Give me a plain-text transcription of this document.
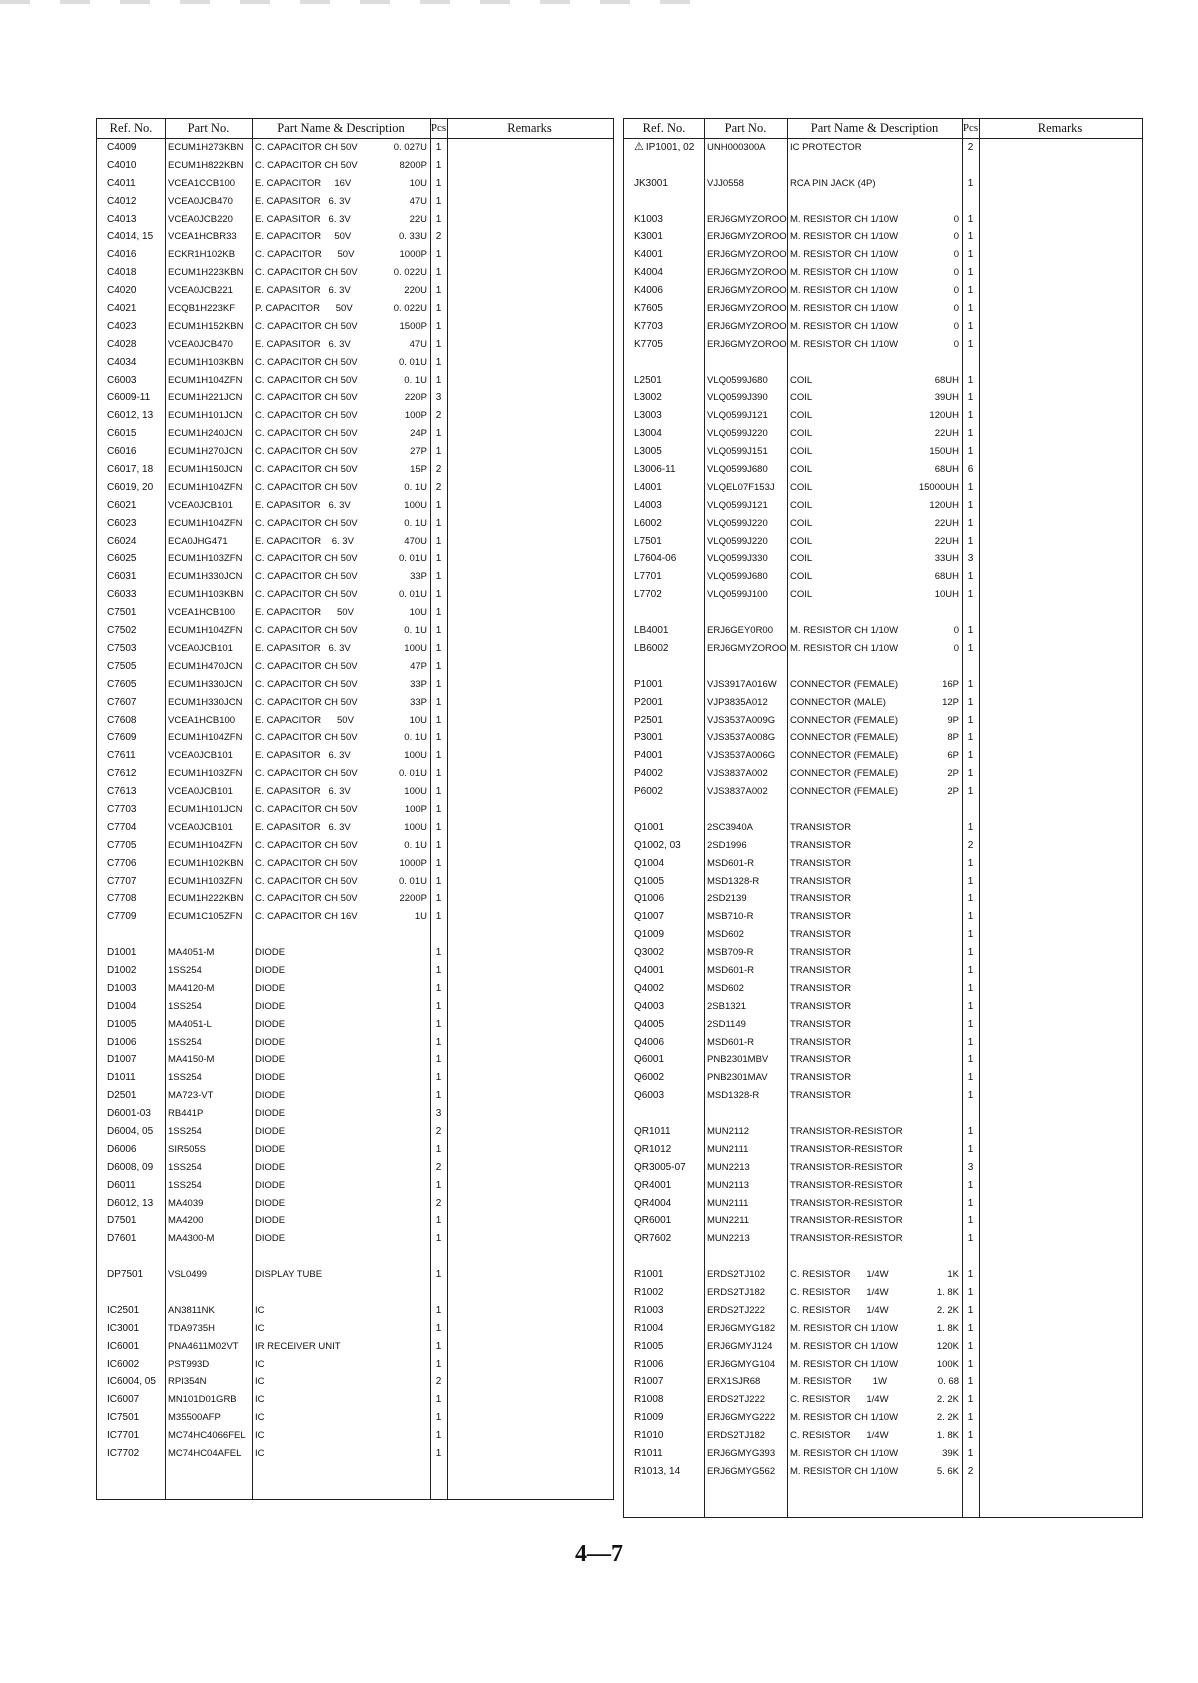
Ref. No.	Part No.	Part Name & Description	Pcs	Remarks
C4009	ECUM1H273KBN	C. CAPACITOR CH 50V	0. 027U 1
C4010	ECUM1H822KBN	C. CAPACITOR CH 50V	8200P 1
C4011	VCEA1CCB100	E. CAPACITOR     16V	10U 1
C4012	VCEA0JCB470	E. CAPASITOR   6. 3V	47U 1
C4013	VCEA0JCB220	E. CAPASITOR   6. 3V	22U 1
C4014, 15	VCEA1HCBR33	E. CAPACITOR     50V	0. 33U 2
C4016	ECKR1H102KB	C. CAPACITOR      50V	1000P 1
C4018	ECUM1H223KBN	C. CAPACITOR CH 50V	0. 022U 1
C4020	VCEA0JCB221	E. CAPASITOR   6. 3V	220U 1
C4021	ECQB1H223KF	P. CAPACITOR      50V	0. 022U 1
C4023	ECUM1H152KBN	C. CAPACITOR CH 50V	1500P 1
C4028	VCEA0JCB470	E. CAPASITOR   6. 3V	47U 1
C4034	ECUM1H103KBN	C. CAPACITOR CH 50V	0. 01U 1
C6003	ECUM1H104ZFN	C. CAPACITOR CH 50V	0. 1U 1
C6009-11	ECUM1H221JCN	C. CAPACITOR CH 50V	220P 3
C6012, 13	ECUM1H101JCN	C. CAPACITOR CH 50V	100P 2
C6015	ECUM1H240JCN	C. CAPACITOR CH 50V	24P 1
C6016	ECUM1H270JCN	C. CAPACITOR CH 50V	27P 1
C6017, 18	ECUM1H150JCN	C. CAPACITOR CH 50V	15P 2
C6019, 20	ECUM1H104ZFN	C. CAPACITOR CH 50V	0. 1U 2
C6021	VCEA0JCB101	E. CAPASITOR   6. 3V	100U 1
C6023	ECUM1H104ZFN	C. CAPACITOR CH 50V	0. 1U 1
C6024	ECA0JHG471	E. CAPACITOR    6. 3V	470U 1
C6025	ECUM1H103ZFN	C. CAPACITOR CH 50V	0. 01U 1
C6031	ECUM1H330JCN	C. CAPACITOR CH 50V	33P 1
C6033	ECUM1H103KBN	C. CAPACITOR CH 50V	0. 01U 1
C7501	VCEA1HCB100	E. CAPACITOR      50V	10U 1
C7502	ECUM1H104ZFN	C. CAPACITOR CH 50V	0. 1U 1
C7503	VCEA0JCB101	E. CAPASITOR   6. 3V	100U 1
C7505	ECUM1H470JCN	C. CAPACITOR CH 50V	47P 1
C7605	ECUM1H330JCN	C. CAPACITOR CH 50V	33P 1
C7607	ECUM1H330JCN	C. CAPACITOR CH 50V	33P 1
C7608	VCEA1HCB100	E. CAPACITOR      50V	10U 1
C7609	ECUM1H104ZFN	C. CAPACITOR CH 50V	0. 1U 1
C7611	VCEA0JCB101	E. CAPASITOR   6. 3V	100U 1
C7612	ECUM1H103ZFN	C. CAPACITOR CH 50V	0. 01U 1
C7613	VCEA0JCB101	E. CAPASITOR   6. 3V	100U 1
C7703	ECUM1H101JCN	C. CAPACITOR CH 50V	100P 1
C7704	VCEA0JCB101	E. CAPASITOR   6. 3V	100U 1
C7705	ECUM1H104ZFN	C. CAPACITOR CH 50V	0. 1U 1
C7706	ECUM1H102KBN	C. CAPACITOR CH 50V	1000P 1
C7707	ECUM1H103ZFN	C. CAPACITOR CH 50V	0. 01U 1
C7708	ECUM1H222KBN	C. CAPACITOR CH 50V	2200P 1
C7709	ECUM1C105ZFN	C. CAPACITOR CH 16V	1U 1
D1001	MA4051-M	DIODE	1
D1002	1SS254	DIODE	1
D1003	MA4120-M	DIODE	1
D1004	1SS254	DIODE	1
D1005	MA4051-L	DIODE	1
D1006	1SS254	DIODE	1
D1007	MA4150-M	DIODE	1
D1011	1SS254	DIODE	1
D2501	MA723-VT	DIODE	1
D6001-03	RB441P	DIODE	3
D6004, 05	1SS254	DIODE	2
D6006	SIR505S	DIODE	1
D6008, 09	1SS254	DIODE	2
D6011	1SS254	DIODE	1
D6012, 13	MA4039	DIODE	2
D7501	MA4200	DIODE	1
D7601	MA4300-M	DIODE	1
DP7501	VSL0499	DISPLAY TUBE	1
IC2501	AN3811NK	IC	1
IC3001	TDA9735H	IC	1
IC6001	PNA4611M02VT	IR RECEIVER UNIT	1
IC6002	PST993D	IC	1
IC6004, 05	RPI354N	IC	2
IC6007	MN101D01GRB	IC	1
IC7501	M35500AFP	IC	1
IC7701	MC74HC4066FEL IC	1
IC7702	MC74HC04AFEL	IC	1
Ref. No.	Part No.	Part Name & Description	Pcs	Remarks
⚠ IP1001, 02	UNH000300A	IC PROTECTOR	2
JK3001	VJJ0558	RCA PIN JACK (4P)	1
K1003	ERJ6GMYZOROO M. RESISTOR CH 1/10W	0 1
K3001	ERJ6GMYZOROO M. RESISTOR CH 1/10W	0 1
K4001	ERJ6GMYZOROO M. RESISTOR CH 1/10W	0 1
K4004	ERJ6GMYZOROO M. RESISTOR CH 1/10W	0 1
K4006	ERJ6GMYZOROO M. RESISTOR CH 1/10W	0 1
K7605	ERJ6GMYZOROO M. RESISTOR CH 1/10W	0 1
K7703	ERJ6GMYZOROO M. RESISTOR CH 1/10W	0 1
K7705	ERJ6GMYZOROO M. RESISTOR CH 1/10W	0 1
L2501	VLQ0599J680	COIL	68UH 1
L3002	VLQ0599J390	COIL	39UH 1
L3003	VLQ0599J121	COIL	120UH 1
L3004	VLQ0599J220	COIL	22UH 1
L3005	VLQ0599J151	COIL	150UH 1
L3006-11	VLQ0599J680	COIL	68UH 6
L4001	VLQEL07F153J	COIL	15000UH 1
L4003	VLQ0599J121	COIL	120UH 1
L6002	VLQ0599J220	COIL	22UH 1
L7501	VLQ0599J220	COIL	22UH 1
L7604-06	VLQ0599J330	COIL	33UH 3
L7701	VLQ0599J680	COIL	68UH 1
L7702	VLQ0599J100	COIL	10UH 1
LB4001	ERJ6GEY0R00	M. RESISTOR CH 1/10W	0 1
LB6002	ERJ6GMYZOROO M. RESISTOR CH 1/10W	0 1
P1001	VJS3917A016W	CONNECTOR (FEMALE)	16P 1
P2001	VJP3835A012	CONNECTOR (MALE)	12P 1
P2501	VJS3537A009G	CONNECTOR (FEMALE)	9P 1
P3001	VJS3537A008G	CONNECTOR (FEMALE)	8P 1
P4001	VJS3537A006G	CONNECTOR (FEMALE)	6P 1
P4002	VJS3837A002	CONNECTOR (FEMALE)	2P 1
P6002	VJS3837A002	CONNECTOR (FEMALE)	2P 1
Q1001	2SC3940A	TRANSISTOR	1
Q1002, 03	2SD1996	TRANSISTOR	2
Q1004	MSD601-R	TRANSISTOR	1
Q1005	MSD1328-R	TRANSISTOR	1
Q1006	2SD2139	TRANSISTOR	1
Q1007	MSB710-R	TRANSISTOR	1
Q1009	MSD602	TRANSISTOR	1
Q3002	MSB709-R	TRANSISTOR	1
Q4001	MSD601-R	TRANSISTOR	1
Q4002	MSD602	TRANSISTOR	1
Q4003	2SB1321	TRANSISTOR	1
Q4005	2SD1149	TRANSISTOR	1
Q4006	MSD601-R	TRANSISTOR	1
Q6001	PNB2301MBV	TRANSISTOR	1
Q6002	PNB2301MAV	TRANSISTOR	1
Q6003	MSD1328-R	TRANSISTOR	1
QR1011	MUN2112	TRANSISTOR-RESISTOR	1
QR1012	MUN2111	TRANSISTOR-RESISTOR	1
QR3005-07	MUN2213	TRANSISTOR-RESISTOR	3
QR4001	MUN2113	TRANSISTOR-RESISTOR	1
QR4004	MUN2111	TRANSISTOR-RESISTOR	1
QR6001	MUN2211	TRANSISTOR-RESISTOR	1
QR7602	MUN2213	TRANSISTOR-RESISTOR	1
R1001	ERDS2TJ102	C. RESISTOR      1/4W	1K 1
R1002	ERDS2TJ182	C. RESISTOR      1/4W	1. 8K 1
R1003	ERDS2TJ222	C. RESISTOR      1/4W	2. 2K 1
R1004	ERJ6GMYG182	M. RESISTOR CH 1/10W	1. 8K 1
R1005	ERJ6GMYJ124	M. RESISTOR CH 1/10W	120K 1
R1006	ERJ6GMYG104	M. RESISTOR CH 1/10W	100K 1
R1007	ERX1SJR68	M. RESISTOR        1W	0. 68 1
R1008	ERDS2TJ222	C. RESISTOR      1/4W	2. 2K 1
R1009	ERJ6GMYG222	M. RESISTOR CH 1/10W	2. 2K 1
R1010	ERDS2TJ182	C. RESISTOR      1/4W	1. 8K 1
R1011	ERJ6GMYG393	M. RESISTOR CH 1/10W	39K 1
R1013, 14	ERJ6GMYG562	M. RESISTOR CH 1/10W	5. 6K 2
4—7
